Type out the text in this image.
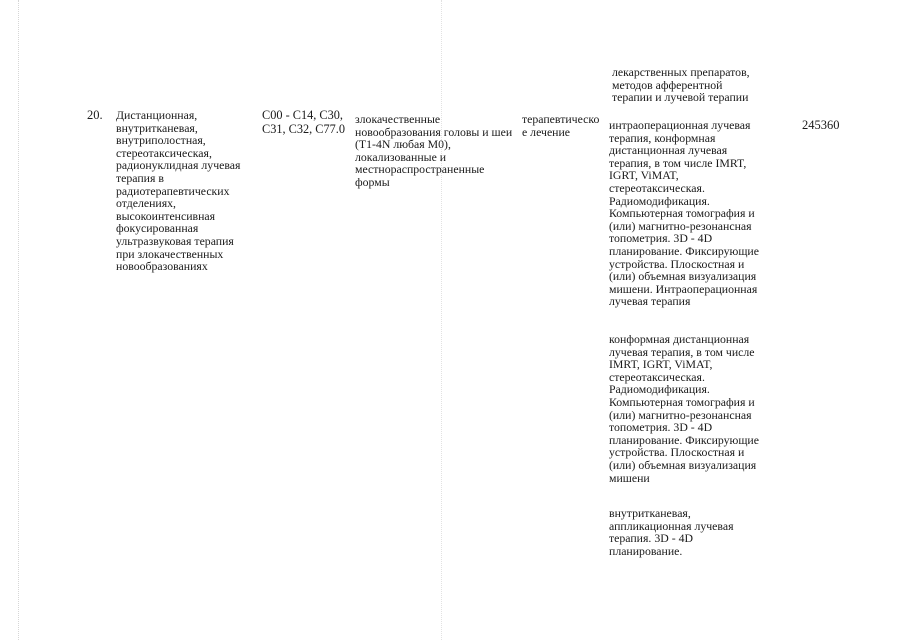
лекарственных препаратов,
методов афферентной
терапии и лучевой терапии
20. Дистанционная,
внутритканевая,
внутриполостная,
стереотаксическая,
радионуклидная лучевая
терапия в
радиотерапевтических
отделениях,
высокоинтенсивная
фокусированная
ультразвуковая терапия
при злокачественных
новообразованиях
C00 - C14, C30,
C31, C32, C77.0
злокачественные
новообразования головы и шеи
(T1-4N любая M0),
локализованные и
местнораспространенные
формы
терапевтическо
е лечение	интраоперационная лучевая
терапия, конформная
дистанционная лучевая
терапия, в том числе IMRT,
IGRT, ViMAT,
стереотаксическая.
Радиомодификация.
Компьютерная томография и
(или) магнитно-резонансная
топометрия. 3D - 4D
планирование. Фиксирующие
устройства. Плоскостная и
(или) объемная визуализация
мишени. Интраоперационная
лучевая терапия
конформная дистанционная
лучевая терапия, в том числе
IMRT, IGRT, ViMAT,
стереотаксическая.
Радиомодификация.
Компьютерная томография и
(или) магнитно-резонансная
топометрия. 3D - 4D
планирование. Фиксирующие
устройства. Плоскостная и
(или) объемная визуализация
мишени
внутритканевая,
аппликационная лучевая
терапия. 3D - 4D
планирование.
245360
